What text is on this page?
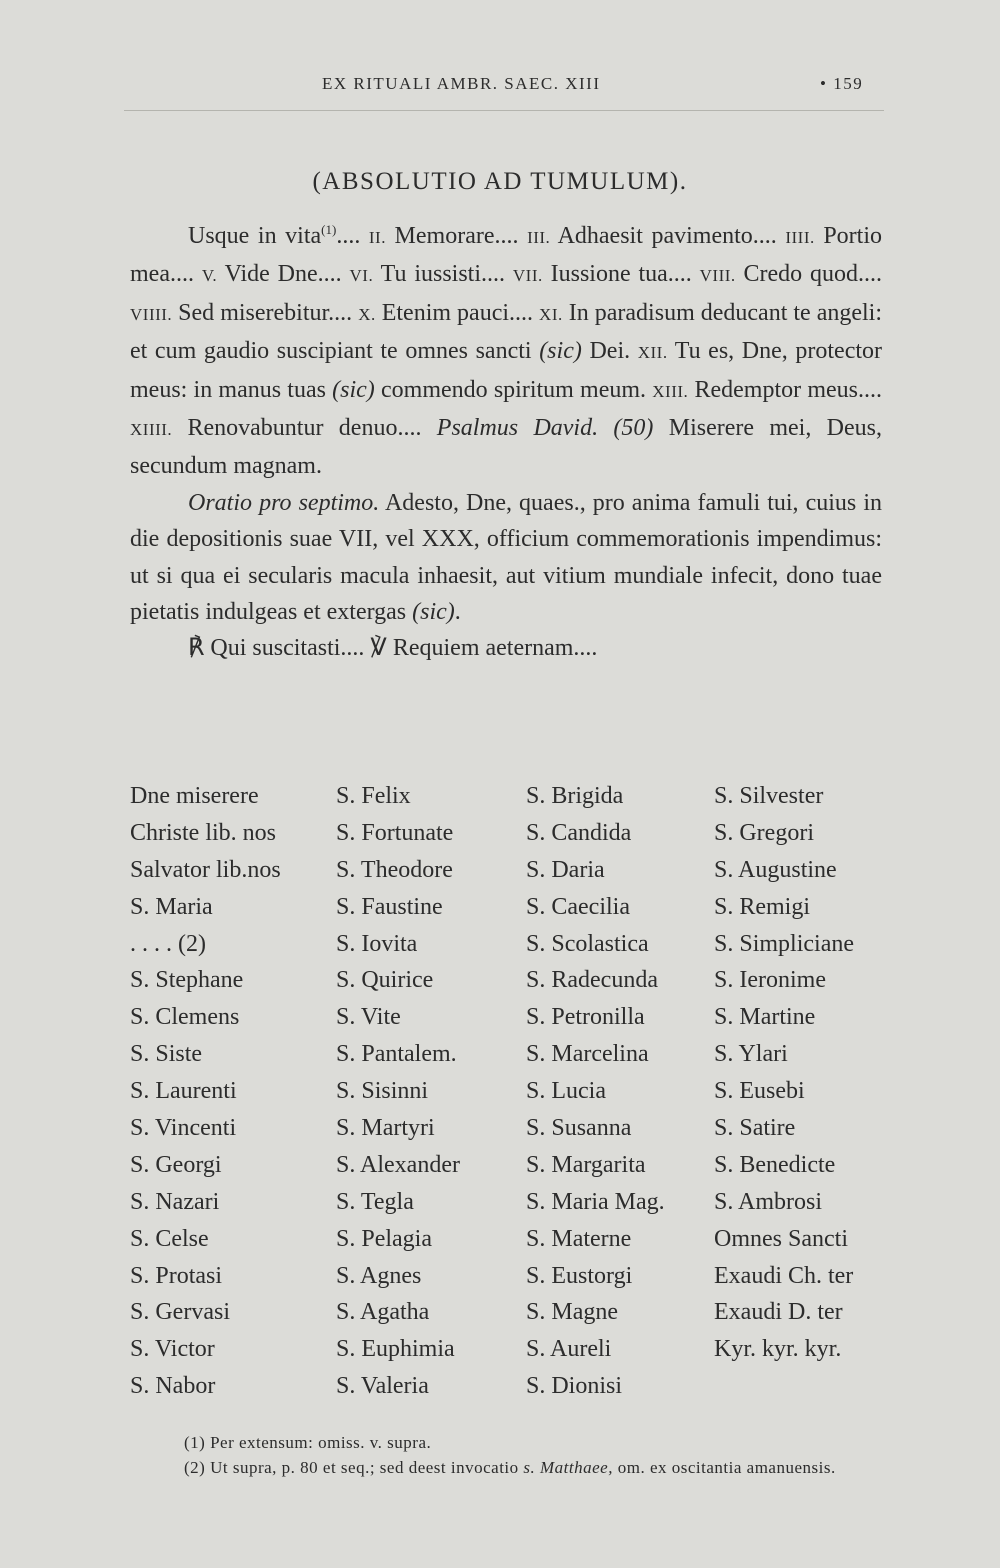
EX RITUALI AMBR. SAEC. XIII	• 159
(ABSOLUTIO AD TUMULUM).

Usque in vita$^{(1)}$.... II. Memorare.... III. Adhaesit pavimento.... IIII. Portio mea.... V. Vide Dne.... VI. Tu iussisti.... VII. Iussione tua.... VIII. Credo quod.... VIIII. Sed miserebitur.... X. Etenim pauci.... XI. In paradisum deducant te angeli: et cum gaudio suscipiant te omnes sancti (sic) Dei. XII. Tu es, Dne, protector meus: in manus tuas (sic) commendo spiritum meum. XIII. Redemptor meus.... XIIII. Renovabuntur denuo.... Psalmus David. (50) Miserere mei, Deus, secundum magnam.

Oratio pro septimo. Adesto, Dne, quaes., pro anima famuli tui, cuius in die depositionis suae VII, vel XXX, officium commemorationis impendimus: ut si qua ei secularis macula inhaesit, aut vitium mundiale infecit, dono tuae pietatis indulgeas et extergas (sic).

℟ Qui suscitasti.... ℣ Requiem aeternam....
Dne miserere	S. Felix	S. Brigida	S. Silvester
Christe lib. nos	S. Fortunate	S. Candida	S. Gregori
Salvator lib.nos	S. Theodore	S. Daria	S. Augustine
S. Maria	S. Faustine	S. Caecilia	S. Remigi
. . . . (2)	S. Iovita	S. Scolastica	S. Simpliciane
S. Stephane	S. Quirice	S. Radecunda	S. Ieronime
S. Clemens	S. Vite	S. Petronilla	S. Martine
S. Siste	S. Pantalem.	S. Marcelina	S. Ylari
S. Laurenti	S. Sisinni	S. Lucia	S. Eusebi
S. Vincenti	S. Martyri	S. Susanna	S. Satire
S. Georgi	S. Alexander	S. Margarita	S. Benedicte
S. Nazari	S. Tegla	S. Maria Mag.	S. Ambrosi
S. Celse	S. Pelagia	S. Materne	Omnes Sancti
S. Protasi	S. Agnes	S. Eustorgi	Exaudi Ch. ter
S. Gervasi	S. Agatha	S. Magne	Exaudi D. ter
S. Victor	S. Euphimia	S. Aureli	Kyr. kyr. kyr.
S. Nabor	S. Valeria	S. Dionisi

(1) Per extensum: omiss. v. supra.

(2) Ut supra, p. 80 et seq.; sed deest invocatio s. Matthaee, om. ex oscitantia amanuensis.
